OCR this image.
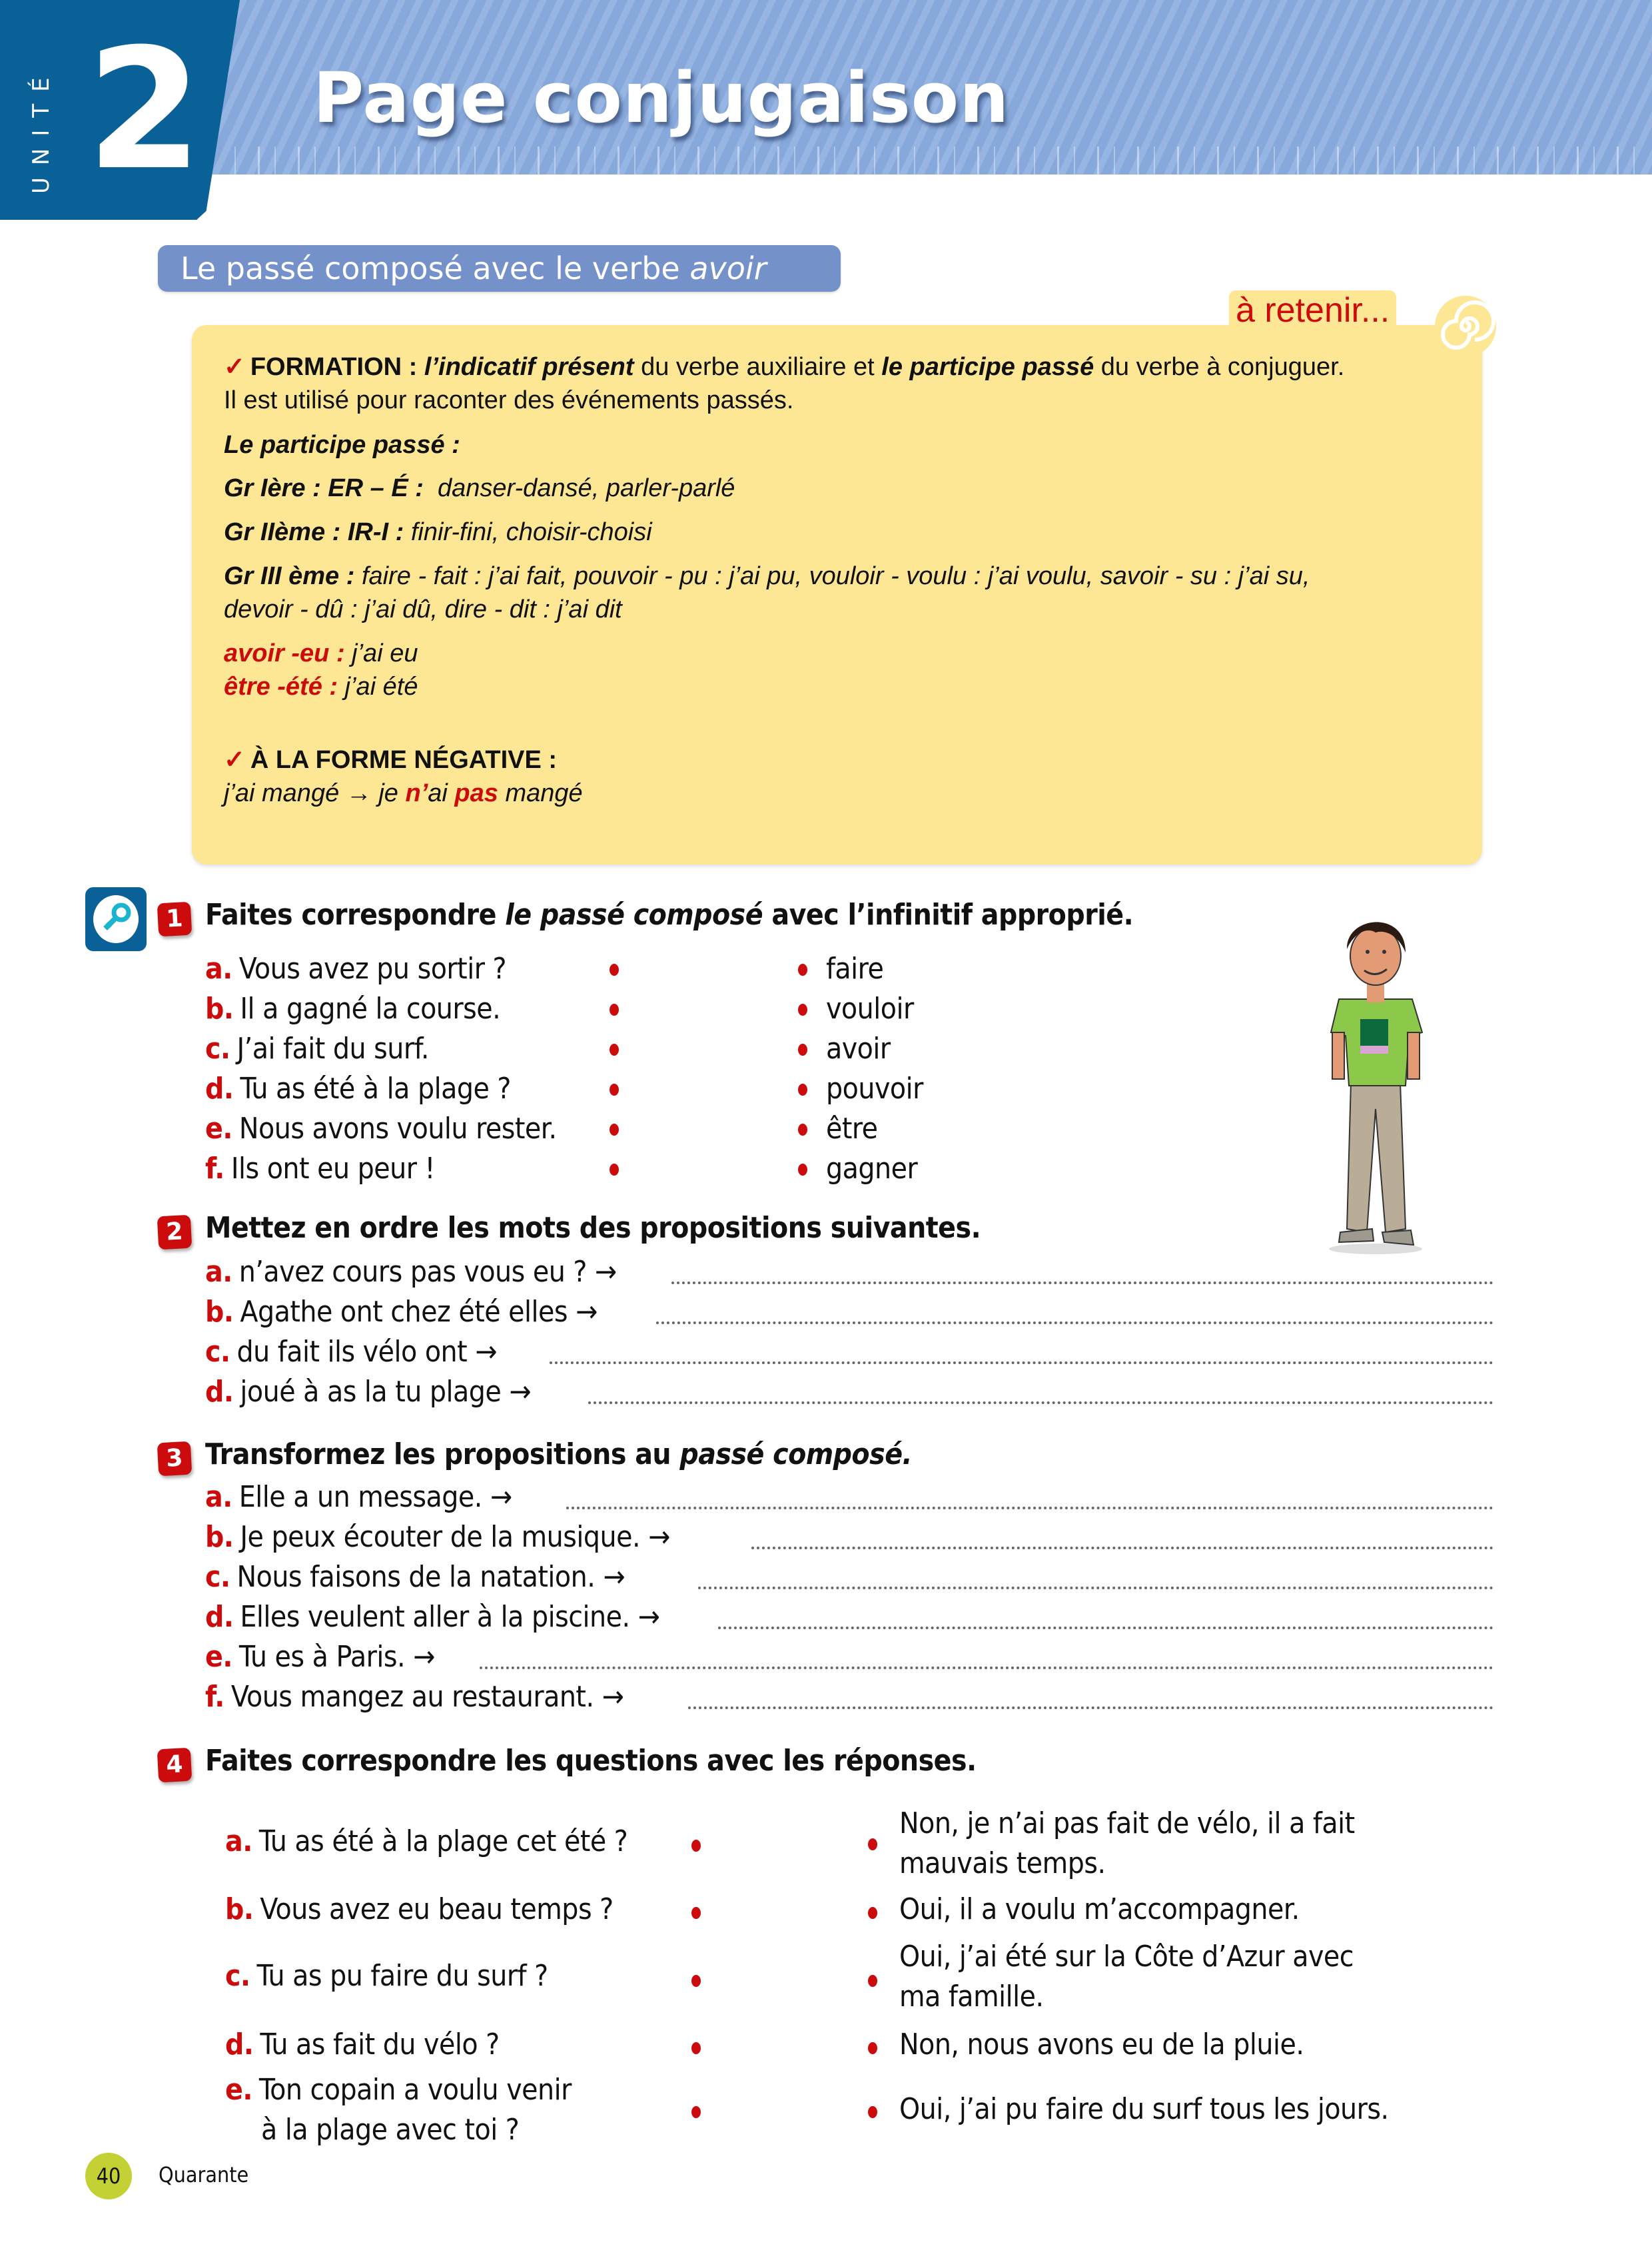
UNITÉ 2 Page conjugaison
Le passé composé avec le verbe avoir
✓ FORMATION : l’indicatif présent du verbe auxiliaire et le participe passé du verbe à conjuguer.
Il est utilisé pour raconter des événements passés.
Le participe passé :
Gr Ière : ER – É : danser-dansé, parler-parlé
Gr IIème : IR-I : finir-fini, choisir-choisi
Gr III ème : faire - fait : j’ai fait, pouvoir - pu : j’ai pu, vouloir - voulu : j’ai voulu, savoir - su : j’ai su,
devoir - dû : j’ai dû, dire - dit : j’ai dit
avoir -eu : j’ai eu
être -été : j’ai été
✓ À LA FORME NÉGATIVE :
j’ai mangé → je n’ai pas mangé
à retenir...
1 Faites correspondre le passé composé avec l’infinitif approprié.
2 Mettez en ordre les mots des propositions suivantes.
3 Transformez les propositions au passé composé.
4 Faites correspondre les questions avec les réponses.
40	Quarante
a. Vous avez pu sortir ?
b. Il a gagné la course.
c. J’ai fait du surf.
d. Tu as été à la plage ?
e. Nous avons voulu rester.
f. Ils ont eu peur !
faire
vouloir
avoir
pouvoir
être
gagner
a. n’avez cours pas vous eu ? →
b. Agathe ont chez été elles →
c. du fait ils vélo ont →
d. joué à as la tu plage →
a. Elle a un message. →
b. Je peux écouter de la musique. →
c. Nous faisons de la natation. →
d. Elles veulent aller à la piscine. →
e. Tu es à Paris. →
f. Vous mangez au restaurant. →
a. Tu as été à la plage cet été ?
b. Vous avez eu beau temps ?
c. Tu as pu faire du surf ?
d. Tu as fait du vélo ?
e. Ton copain a voulu venir
à la plage avec toi ?
Non, je n’ai pas fait de vélo, il a fait
mauvais temps.
Oui, il a voulu m’accompagner.
Oui, j’ai été sur la Côte d’Azur avec
ma famille.
Non, nous avons eu de la pluie.
Oui, j’ai pu faire du surf tous les jours.
